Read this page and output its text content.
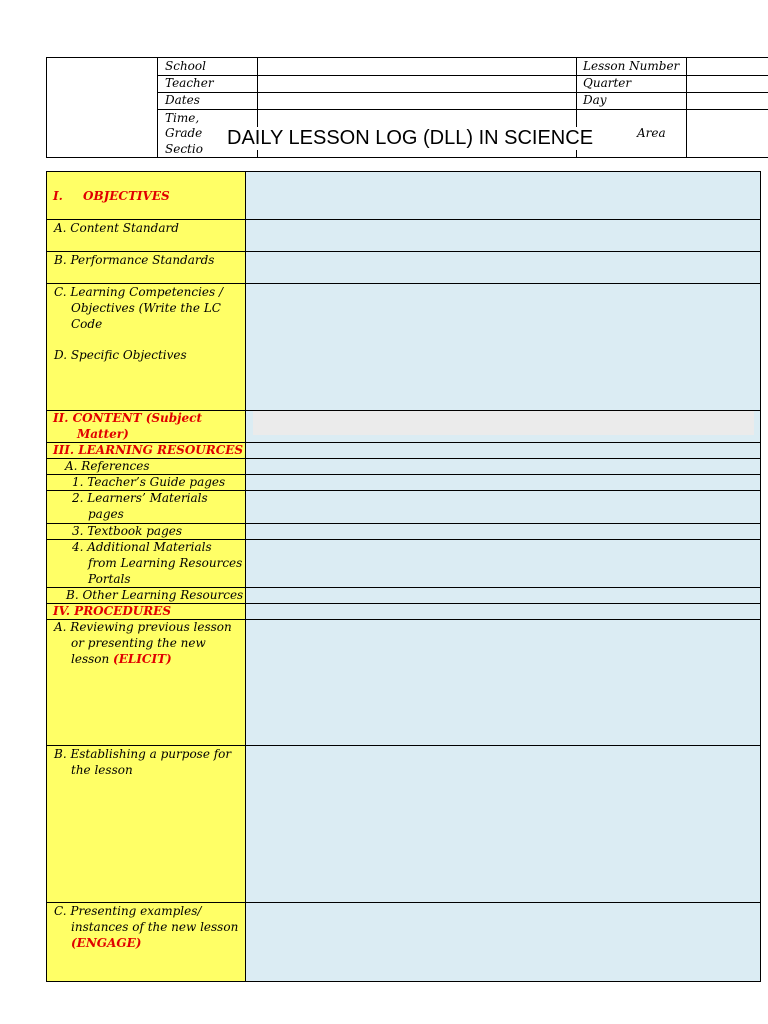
School
Teacher
Dates
Time,
Grade
Sectio
Lesson Number
Quarter
Day
Area
DAILY LESSON LOG (DLL) IN SCIENCE
I. OBJECTIVES
A. Content Standard
B. Performance Standards
C. Learning Competencies /
Objectives (Write the LC
Code
D. Specific Objectives
II. CONTENT (Subject
Matter)
III. LEARNING RESOURCES
A. References
1. Teacher’s Guide pages
2. Learners’ Materials
pages
3. Textbook pages
4. Additional Materials
from Learning Resources
Portals
B. Other Learning Resources
IV. PROCEDURES
A. Reviewing previous lesson
or presenting the new
lesson (ELICIT)
B. Establishing a purpose for
the lesson
C. Presenting examples/
instances of the new lesson
(ENGAGE)
